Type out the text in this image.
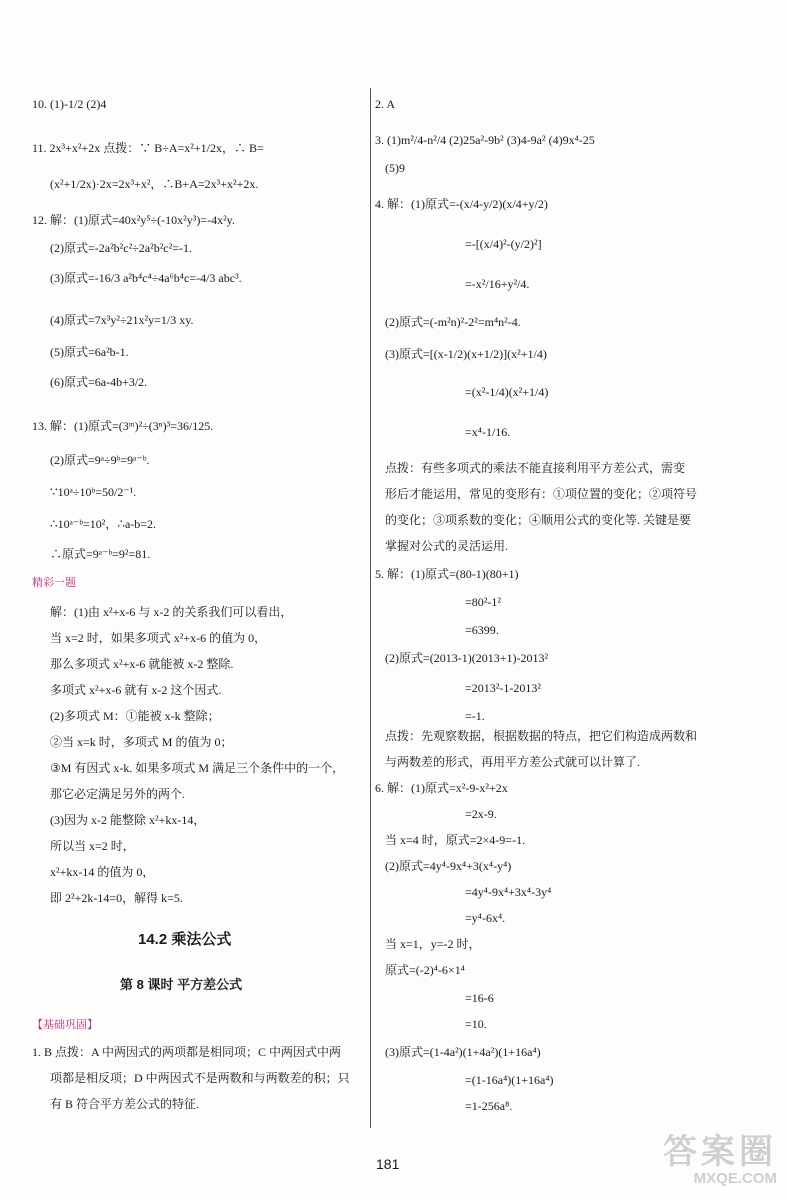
10. (1)-1/2 (2)4
11. 2x³+x²+2x 点拨：∵ B÷A=x²+1/2x，∴ B=
(x²+1/2x)·2x=2x³+x²，∴B+A=2x³+x²+2x.
12. 解：(1)原式=40x²y⁵÷(-10x²y³)=-4x²y.
(2)原式=-2a²b²c²÷2a²b²c²=-1.
(3)原式=-16/3 a²b⁴c⁴÷4a⁶b⁴c=-4/3 abc³.
(4)原式=7x³y²÷21x²y=1/3 xy.
(5)原式=6a²b-1.
(6)原式=6a-4b+3/2.
13. 解：(1)原式=(3ᵐ)²÷(3ⁿ)³=36/125.
(2)原式=9ᵃ÷9ᵇ=9ᵃ⁻ᵇ.
∵10ᵃ÷10ᵇ=50/2⁻¹.
∴10ᵃ⁻ᵇ=10²，∴a-b=2.
∴原式=9ᵃ⁻ᵇ=9²=81.
解：(1)由 x²+x-6 与 x-2 的关系我们可以看出，
当 x=2 时，如果多项式 x²+x-6 的值为 0，
那么多项式 x²+x-6 就能被 x-2 整除.
多项式 x²+x-6 就有 x-2 这个因式.
(2)多项式 M：①能被 x-k 整除；
②当 x=k 时，多项式 M 的值为 0；
③M 有因式 x-k. 如果多项式 M 满足三个条件中的一个，
那它必定满足另外的两个.
(3)因为 x-2 能整除 x²+kx-14，
所以当 x=2 时，
x²+kx-14 的值为 0，
即 2²+2k-14=0，解得 k=5.
1. B 点拨：A 中两因式的两项都是相同项；C 中两因式中两
项都是相反项；D 中两因式不是两数和与两数差的积；只
有 B 符合平方差公式的特征.
2. A
3. (1)m²/4-n²/4 (2)25a²-9b² (3)4-9a² (4)9x⁴-25
(5)9
4. 解：(1)原式=-(x/4-y/2)(x/4+y/2)
=-[(x/4)²-(y/2)²]
=-x²/16+y²/4.
(2)原式=(-m²n)²-2²=m⁴n²-4.
(3)原式=[(x-1/2)(x+1/2)](x²+1/4)
=(x²-1/4)(x²+1/4)
=x⁴-1/16.
点拨：有些多项式的乘法不能直接利用平方差公式，需变
形后才能运用，常见的变形有：①项位置的变化；②项符号
的变化；③项系数的变化；④顺用公式的变化等. 关键是要
掌握对公式的灵活运用.
5. 解：(1)原式=(80-1)(80+1)
=80²-1²
=6399.
(2)原式=(2013-1)(2013+1)-2013²
=2013²-1-2013²
=-1.
点拨：先观察数据，根据数据的特点，把它们构造成两数和
与两数差的形式，再用平方差公式就可以计算了.
6. 解：(1)原式=x²-9-x²+2x
=2x-9.
当 x=4 时，原式=2×4-9=-1.
(2)原式=4y⁴-9x⁴+3(x⁴-y⁴)
=4y⁴-9x⁴+3x⁴-3y⁴
=y⁴-6x⁴.
当 x=1，y=-2 时，
原式=(-2)⁴-6×1⁴
=16-6
=10.
(3)原式=(1-4a²)(1+4a²)(1+16a⁴)
=(1-16a⁴)(1+16a⁴)
=1-256a⁸.
精彩一题
14.2 乘法公式
第 8 课时 平方差公式
【基础巩固】
181	答案圈
MXQE.COM
